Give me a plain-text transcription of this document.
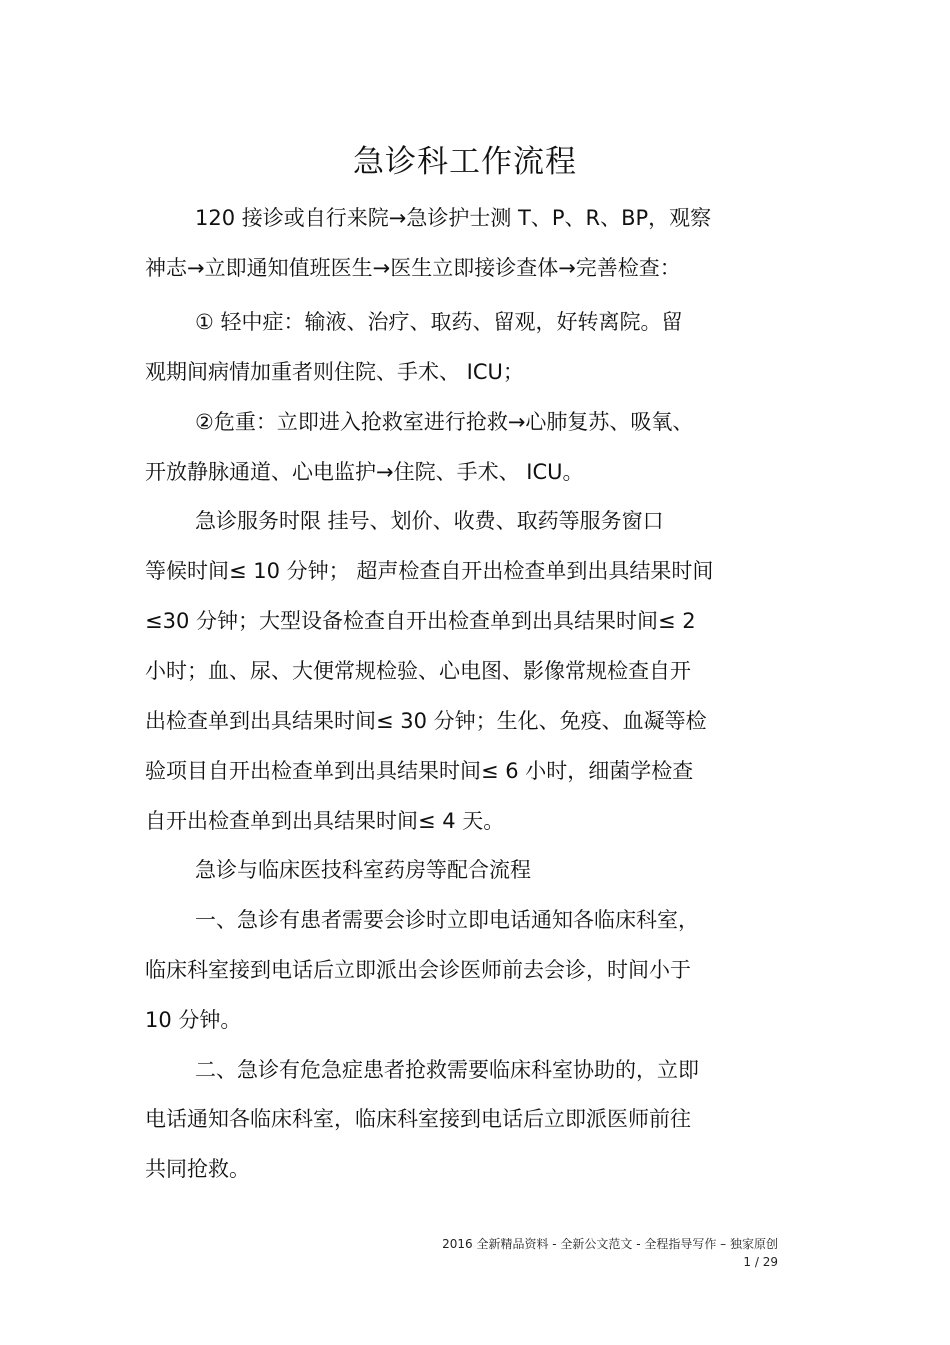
急诊科工作流程
120 接诊或自行来院→急诊护士测 T、P、R、BP，观察
神志→立即通知值班医生→医生立即接诊查体→完善检查：
① 轻中症：输液、治疗、取药、留观，好转离院。留
观期间病情加重者则住院、手术、 ICU；
②危重：立即进入抢救室进行抢救→心肺复苏、吸氧、
开放静脉通道、心电监护→住院、手术、 ICU。
急诊服务时限 挂号、划价、收费、取药等服务窗口
等候时间≤ 10 分钟； 超声检查自开出检查单到出具结果时间
≤30 分钟；大型设备检查自开出检查单到出具结果时间≤ 2
小时；血、尿、大便常规检验、心电图、影像常规检查自开
出检查单到出具结果时间≤ 30 分钟；生化、免疫、血凝等检
验项目自开出检查单到出具结果时间≤ 6 小时，细菌学检查
自开出检查单到出具结果时间≤ 4 天。
急诊与临床医技科室药房等配合流程
一、急诊有患者需要会诊时立即电话通知各临床科室，
临床科室接到电话后立即派出会诊医师前去会诊，时间小于
10 分钟。
二、急诊有危急症患者抢救需要临床科室协助的，立即
电话通知各临床科室，临床科室接到电话后立即派医师前往
共同抢救。
2016 全新精品资料 - 全新公文范文 - 全程指导写作 – 独家原创
1 / 29
